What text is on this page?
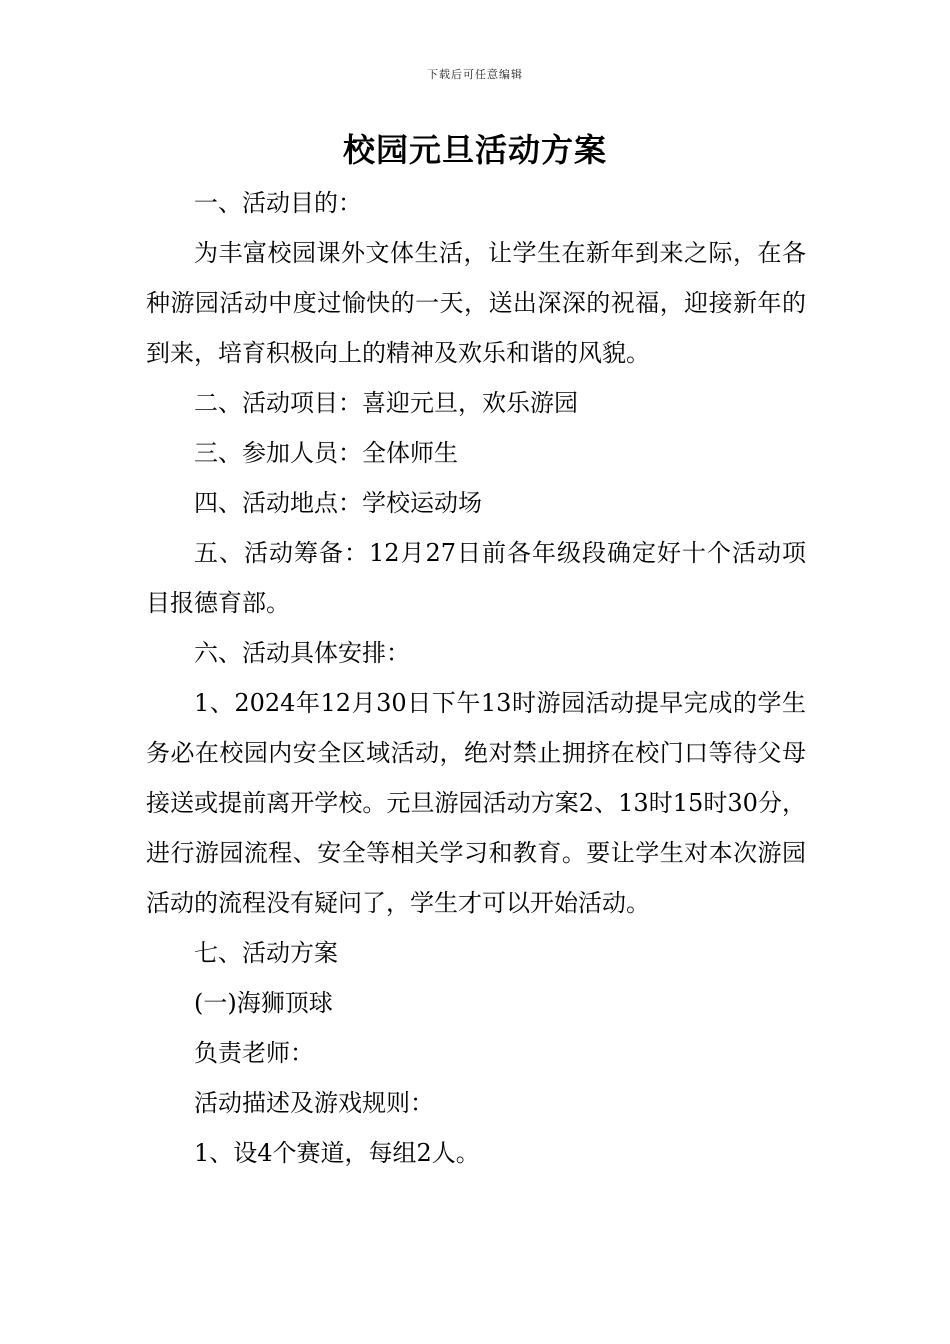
下载后可任意编辑
校园元旦活动方案

一、活动目的：

为丰富校园课外文体生活，让学生在新年到来之际，在各种游园活动中度过愉快的一天，送出深深的祝福，迎接新年的到来，培育积极向上的精神及欢乐和谐的风貌。

二、活动项目：喜迎元旦，欢乐游园

三、参加人员：全体师生

四、活动地点：学校运动场

五、活动筹备：12月27日前各年级段确定好十个活动项目报德育部。

六、活动具体安排：

1、2024年12月30日下午13时游园活动提早完成的学生务必在校园内安全区域活动，绝对禁止拥挤在校门口等待父母接送或提前离开学校。元旦游园活动方案2、13时15时30分，进行游园流程、安全等相关学习和教育。要让学生对本次游园活动的流程没有疑问了，学生才可以开始活动。

七、活动方案

(一)海狮顶球

负责老师：

活动描述及游戏规则：

1、设4个赛道，每组2人。
